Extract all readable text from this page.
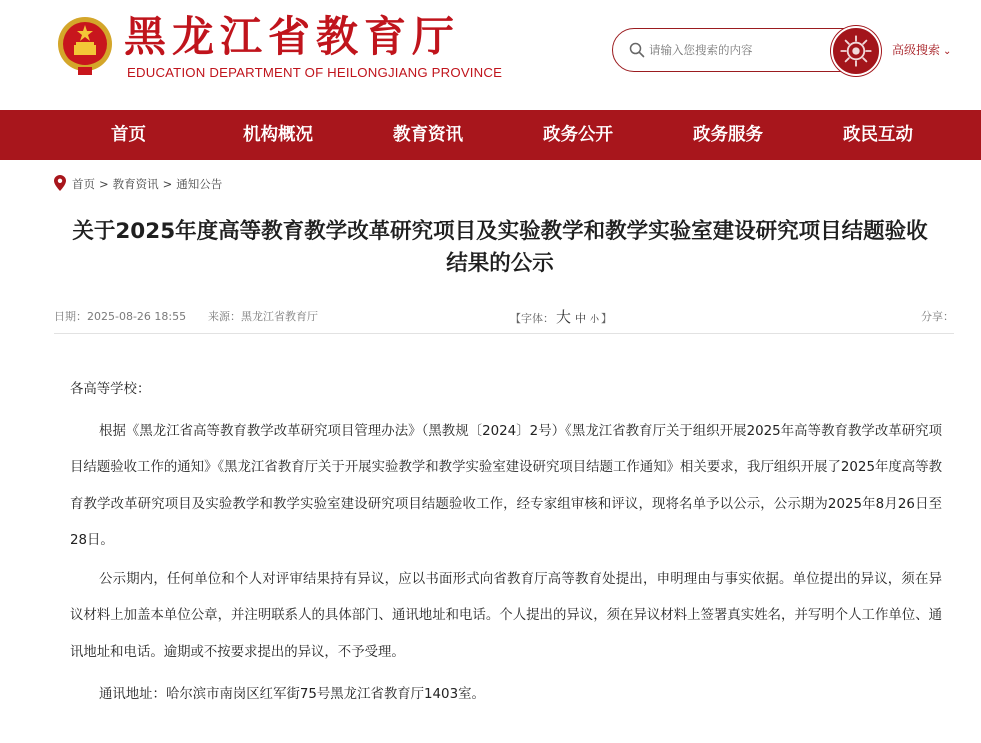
黑龙江省教育厅
EDUCATION DEPARTMENT OF HEILONGJIANG PROVINCE
请输入您搜索的内容
高级搜索 ⌄
首页	机构概况	教育资讯	政务公开	政务服务	政民互动
首页 > 教育资讯 > 通知公告
关于2025年度高等教育教学改革研究项目及实验教学和教学实验室建设研究项目结题验收
结果的公示
日期：2025-08-26 18:55 来源：黑龙江省教育厅	【字体： 大 中 小 】	分享：

各高等学校：

根据《黑龙江省高等教育教学改革研究项目管理办法》（黑教规〔2024〕2号）《黑龙江省教育厅关于组织开展2025年高等教育教学改革研究项目结题验收工作的通知》《黑龙江省教育厅关于开展实验教学和教学实验室建设研究项目结题工作通知》相关要求，我厅组织开展了2025年度高等教育教学改革研究项目及实验教学和教学实验室建设研究项目结题验收工作，经专家组审核和评议，现将名单予以公示，公示期为2025年8月26日至28日。

公示期内，任何单位和个人对评审结果持有异议，应以书面形式向省教育厅高等教育处提出，申明理由与事实依据。单位提出的异议，须在异议材料上加盖本单位公章，并注明联系人的具体部门、通讯地址和电话。个人提出的异议，须在异议材料上签署真实姓名，并写明个人工作单位、通讯地址和电话。逾期或不按要求提出的异议，不予受理。

通讯地址：哈尔滨市南岗区红军街75号黑龙江省教育厅1403室。
